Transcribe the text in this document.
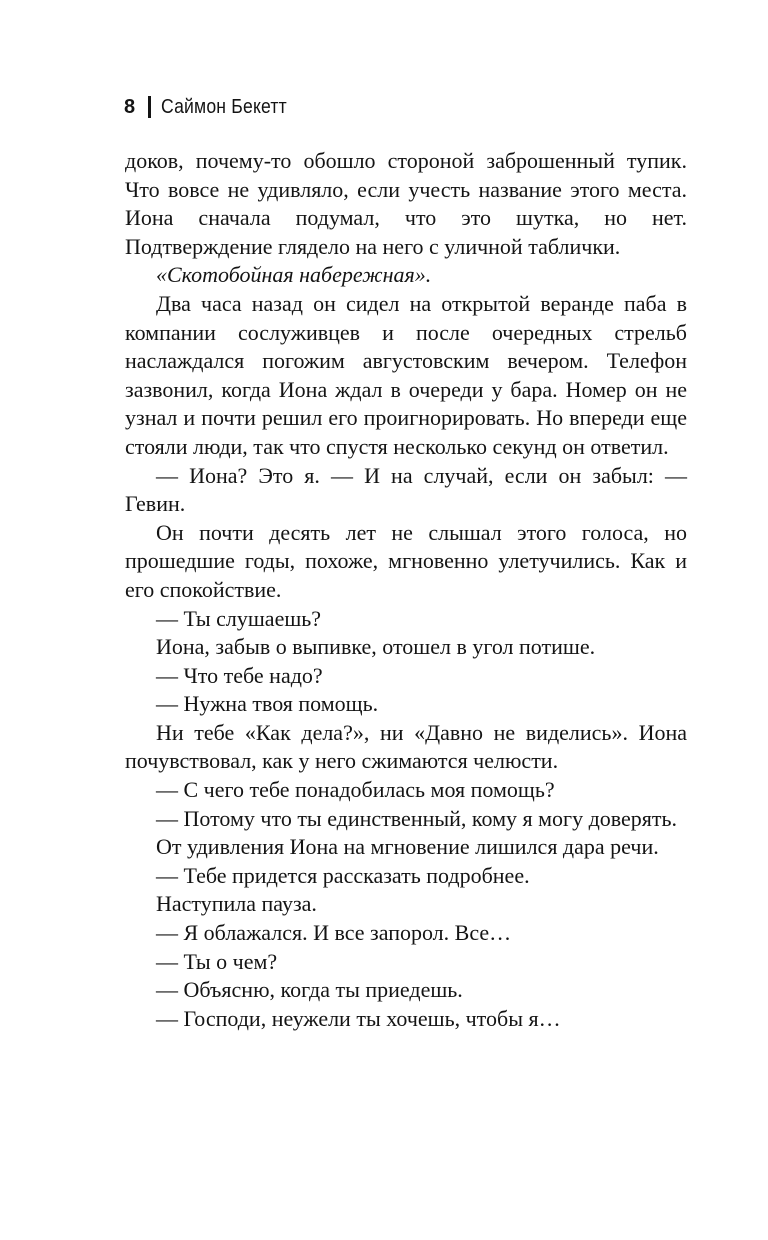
8 Саймон Бекетт

доков, почему-то обошло стороной заброшенный тупик. Что вовсе не удивляло, если учесть название этого места. Иона сначала подумал, что это шутка, но нет. Подтверждение глядело на него с уличной таблички.

«Скотобойная набережная».

Два часа назад он сидел на открытой веранде паба в компании сослуживцев и после очередных стрельб наслаждался погожим августовским вечером. Телефон зазвонил, когда Иона ждал в очереди у бара. Номер он не узнал и почти решил его проигнорировать. Но впереди еще стояли люди, так что спустя несколько секунд он ответил.

— Иона? Это я. — И на случай, если он забыл: — Гевин.

Он почти десять лет не слышал этого голоса, но прошедшие годы, похоже, мгновенно улетучились. Как и его спокойствие.

— Ты слушаешь?

Иона, забыв о выпивке, отошел в угол потише.

— Что тебе надо?

— Нужна твоя помощь.

Ни тебе «Как дела?», ни «Давно не виделись». Иона почувствовал, как у него сжимаются челюсти.

— С чего тебе понадобилась моя помощь?

— Потому что ты единственный, кому я могу доверять.

От удивления Иона на мгновение лишился дара речи.

— Тебе придется рассказать подробнее.

Наступила пауза.

— Я облажался. И все запорол. Все…

— Ты о чем?

— Объясню, когда ты приедешь.

— Господи, неужели ты хочешь, чтобы я…
